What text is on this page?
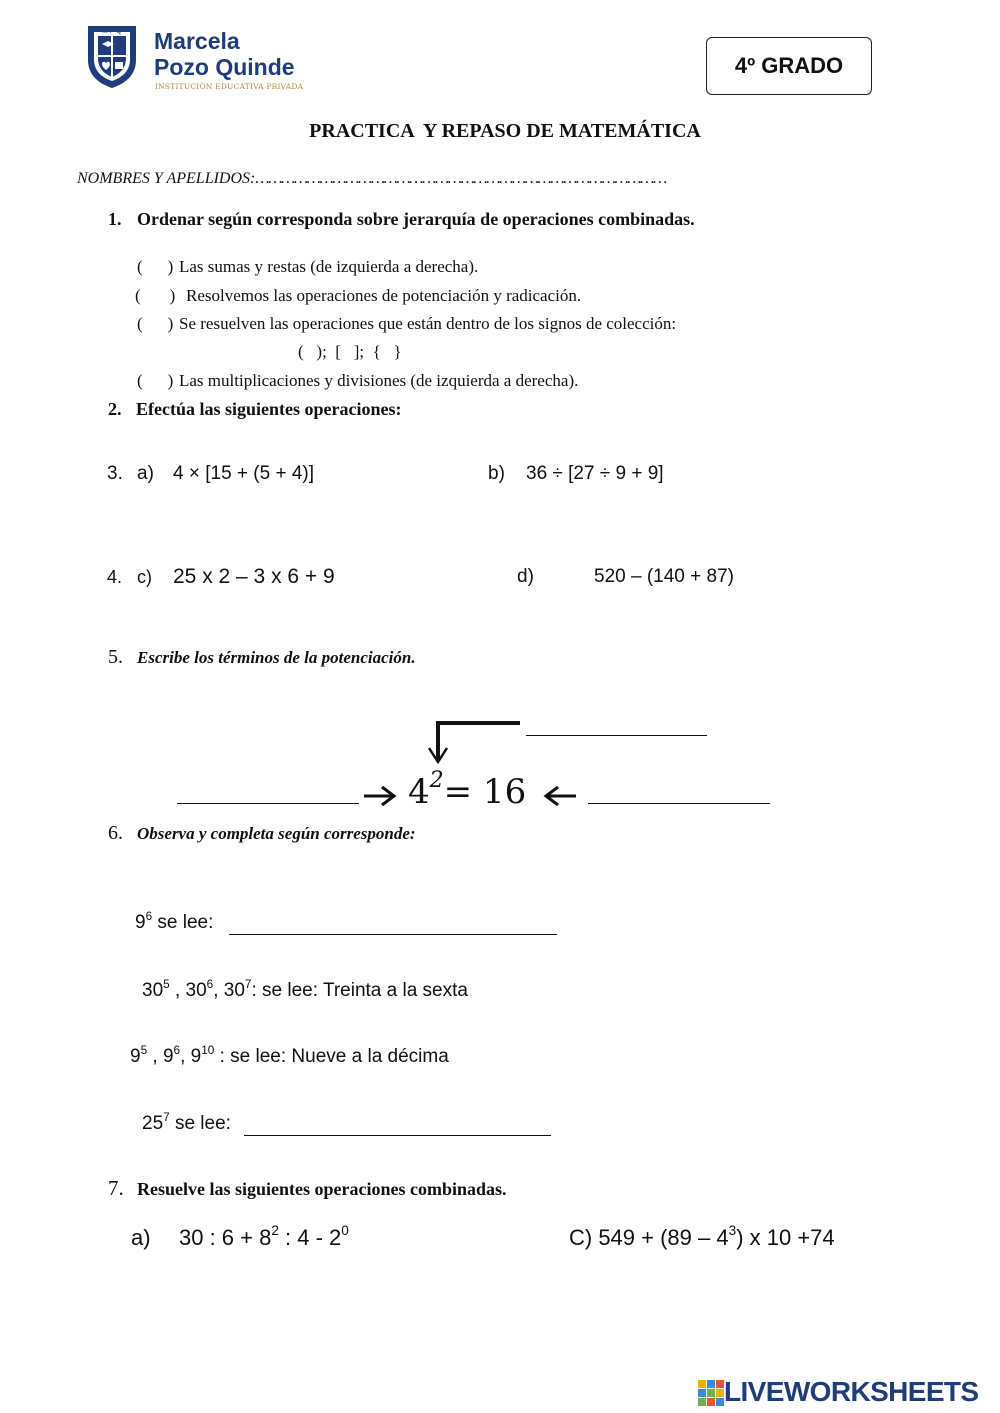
M P Q Marcela
Pozo Quinde
INSTITUCIÓN EDUCATIVA PRIVADA
4º GRADO
PRACTICA  Y REPASO DE MATEMÁTICA
NOMBRES Y APELLIDOS:……………………………………………………………………………………
1. Ordenar según corresponda sobre jerarquía de operaciones combinadas.
( ) Las sumas y restas (de izquierda a derecha).
( ) Resolvemos las operaciones de potenciación y radicación.
( ) Se resuelven las operaciones que están dentro de los signos de colección:
(   );  [   ];  {   }
( ) Las multiplicaciones y divisiones (de izquierda a derecha).
2. Efectúa las siguientes operaciones:
3. a) 4 × [15 + (5 + 4)]	b) 36 ÷ [27 ÷ 9 + 9]
4. c) 25 x 2 – 3 x 6 + 9	d)	520 – (140 + 87)
5. Escribe los términos de la potenciación.
$4^2= 16$
6. Observa y completa según corresponde:
$9^6$ se lee:
$30^5$ , $30^6$, $30^7$: se lee: Treinta a la sexta
$9^5$ , $9^6$, $9^{10}$ : se lee: Nueve a la décima
$25^7$ se lee:
7. Resuelve las siguientes operaciones combinadas.
a) 30 : $6 + 8^2$ : $4 - 2^0$	C) $549 + (89 - 4^3)$ x 10 +74
LIVEWORKSHEETS
